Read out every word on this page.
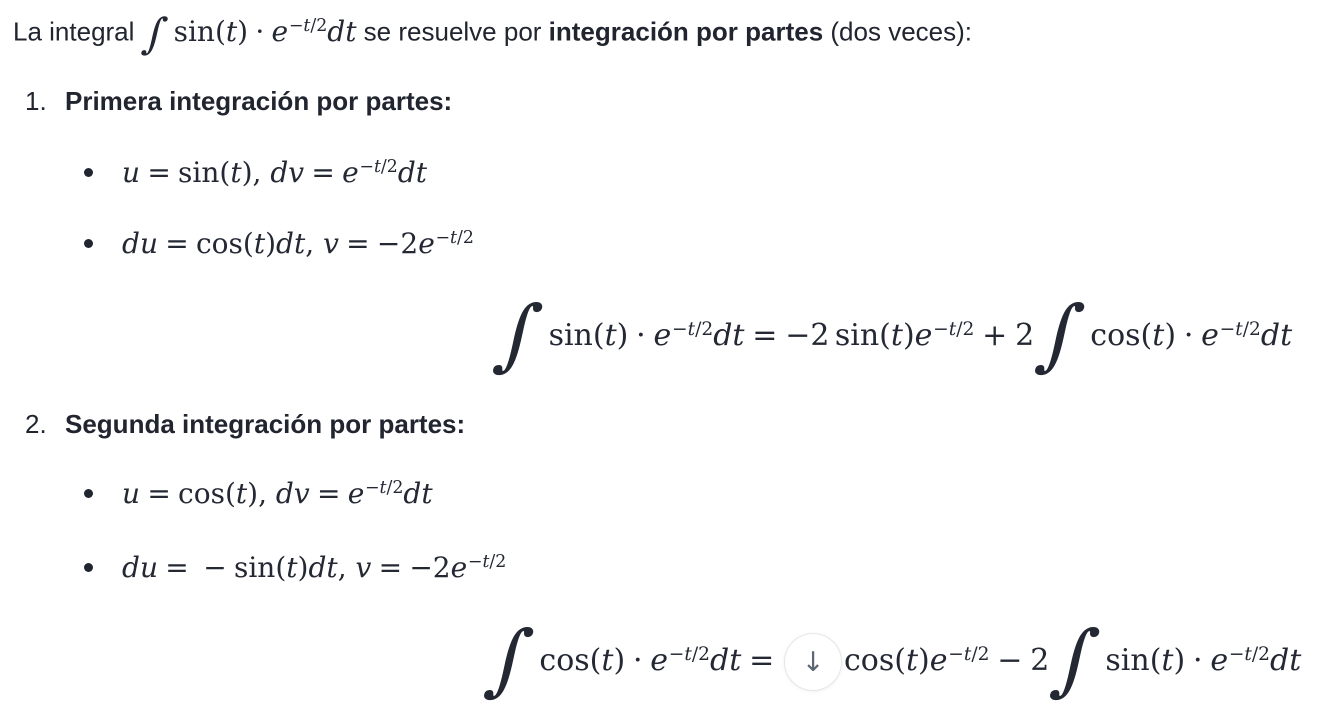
La integral $\int\sin(t) \cdot e^{-t/2}dt$ se resuelve por integración por partes (dos veces):
1. Primera integración por partes:
u = sin(t), dv = $e^{-t/2}dt$
du = cos(t)dt, $v = -2e^{-t/2}$
$\int\sin(t) \cdot e^{-t/2}dt = -2$ $\sin(t)e^{-t/2} + 2\int\cos(t) \cdot e^{-t/2}dt$
2. Segunda integración por partes:
u = cos(t), dv = $e^{-t/2}dt$
du = − sin(t)dt, $v = -2e^{-t/2}$
$\int\cos(t) \cdot e^{-t/2}dt$ = ↓ $\cos(t)e^{-t/2} - 2\int\sin(t) \cdot e^{-t/2}dt$
